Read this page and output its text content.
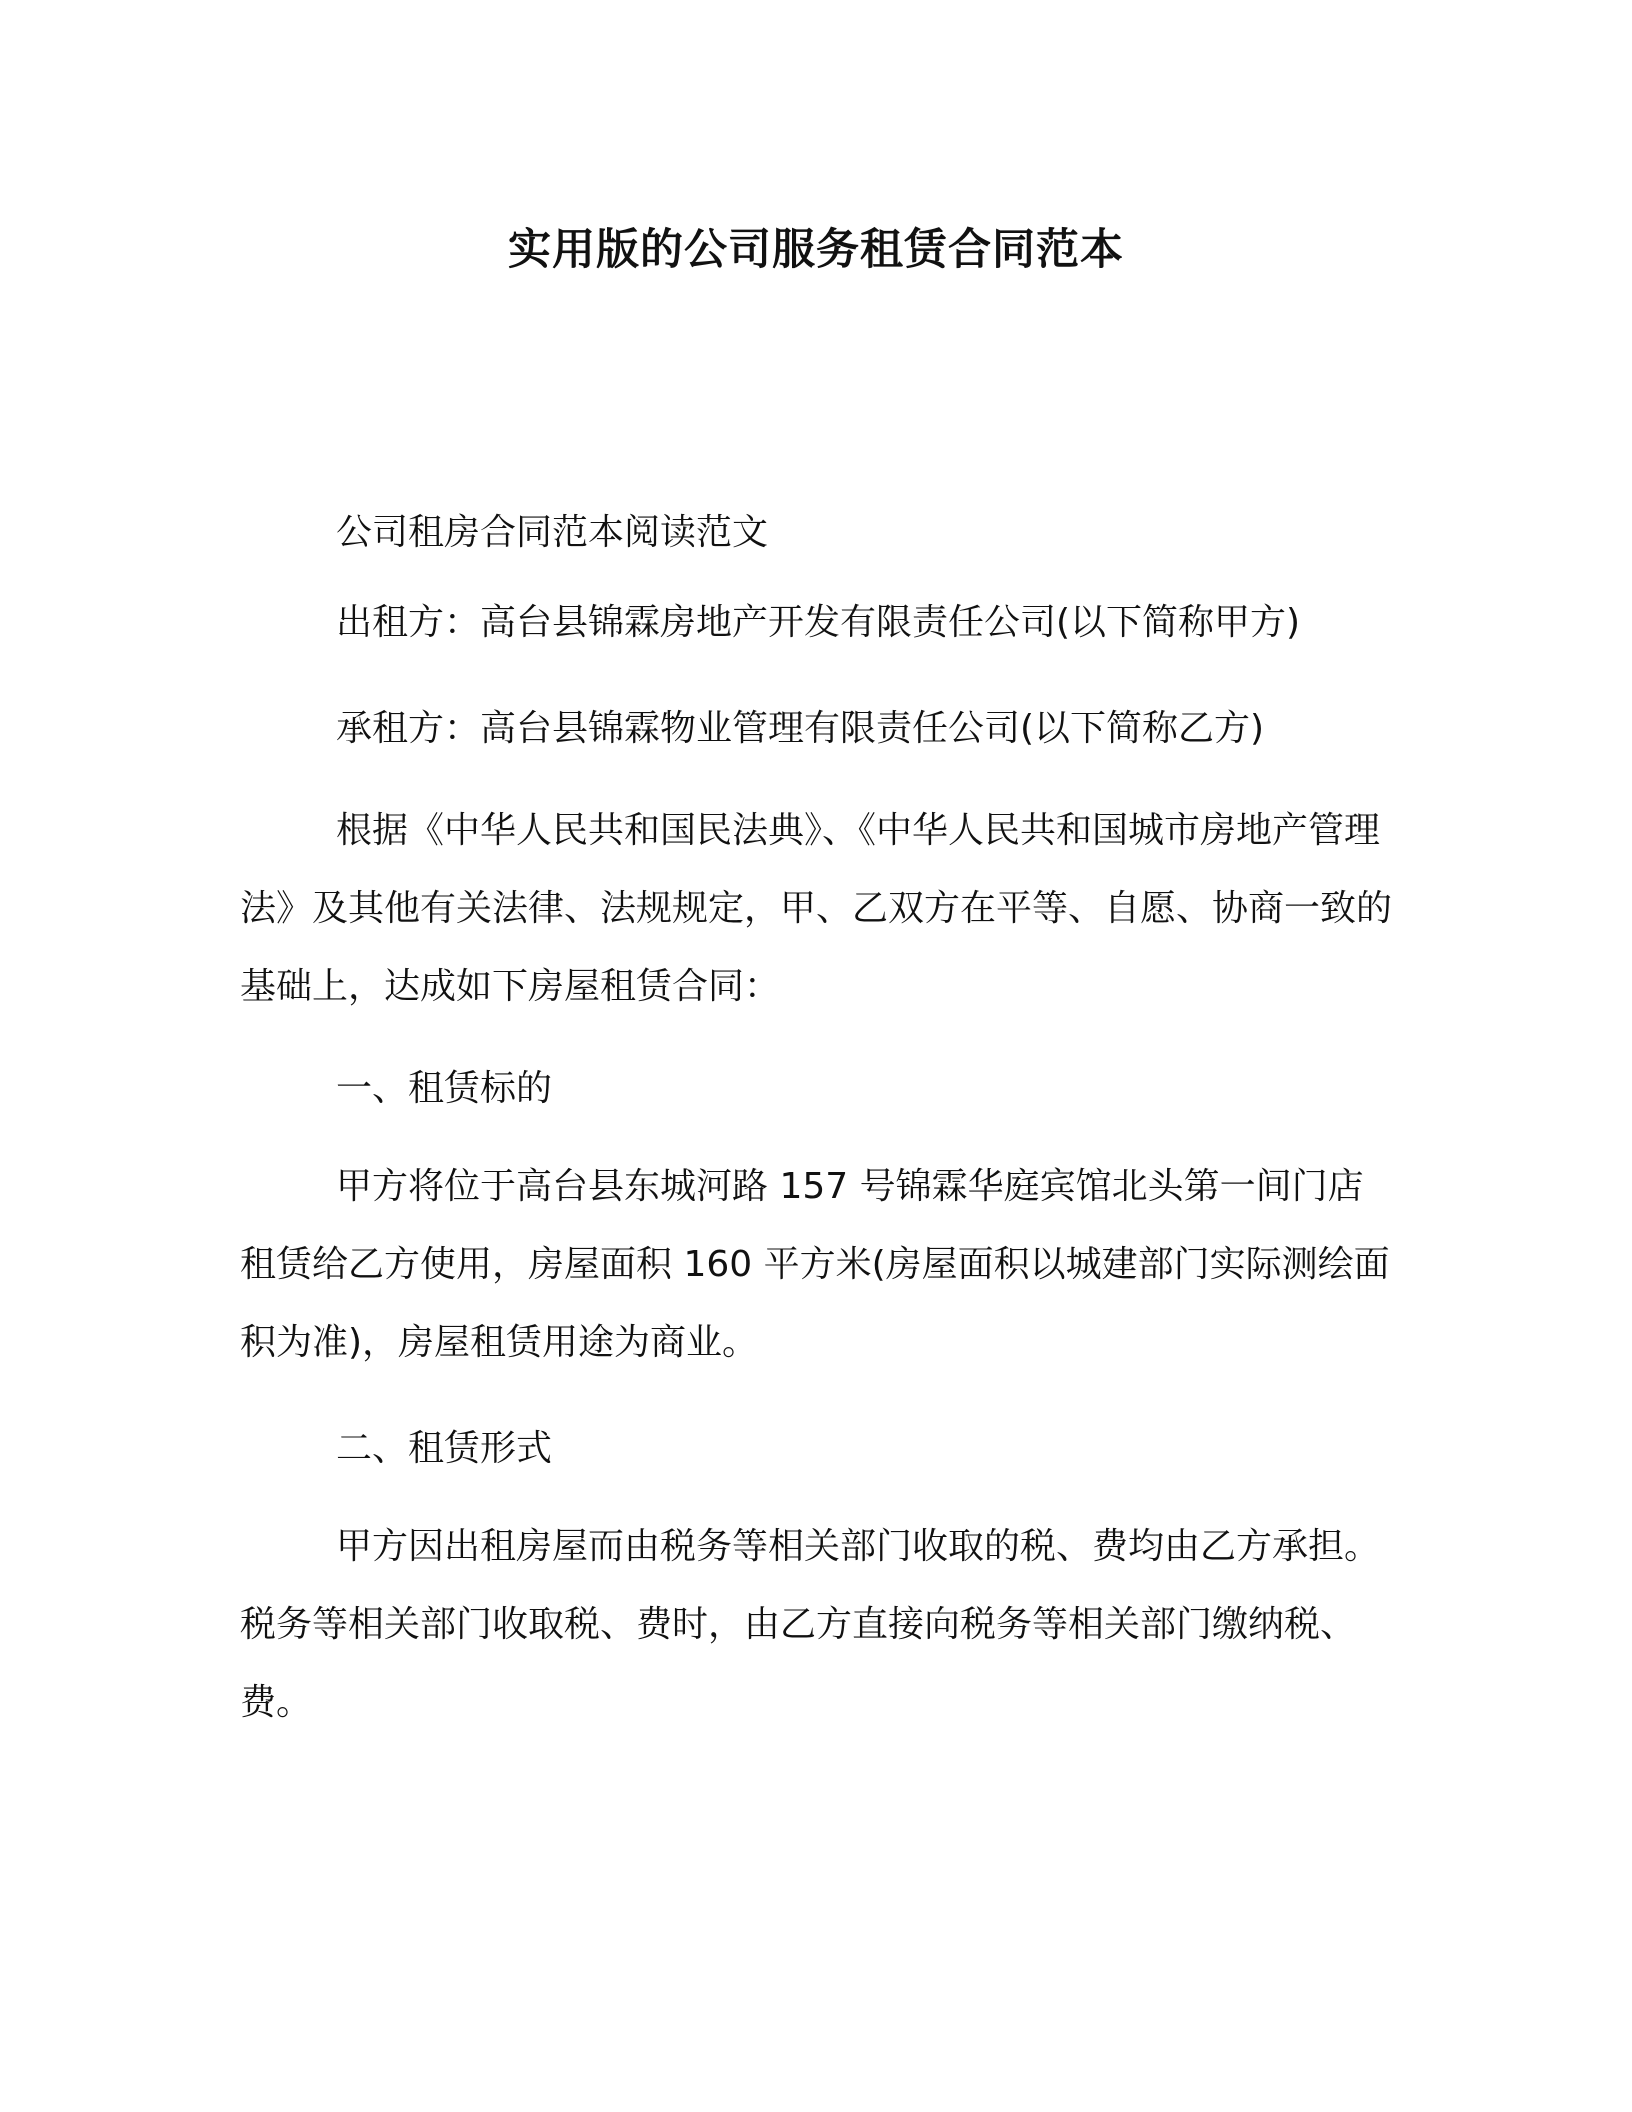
实用版的公司服务租赁合同范本

公司租房合同范本阅读范文

出租方：高台县锦霖房地产开发有限责任公司(以下简称甲方)

承租方：高台县锦霖物业管理有限责任公司(以下简称乙方)

根据《中华人民共和国民法典》、《中华人民共和国城市房地产管理法》及其他有关法律、法规规定，甲、乙双方在平等、自愿、协商一致的基础上，达成如下房屋租赁合同：

一、租赁标的

甲方将位于高台县东城河路 157 号锦霖华庭宾馆北头第一间门店租赁给乙方使用，房屋面积 160 平方米(房屋面积以城建部门实际测绘面积为准)，房屋租赁用途为商业。

二、租赁形式

甲方因出租房屋而由税务等相关部门收取的税、费均由乙方承担。税务等相关部门收取税、费时，由乙方直接向税务等相关部门缴纳税、费。
